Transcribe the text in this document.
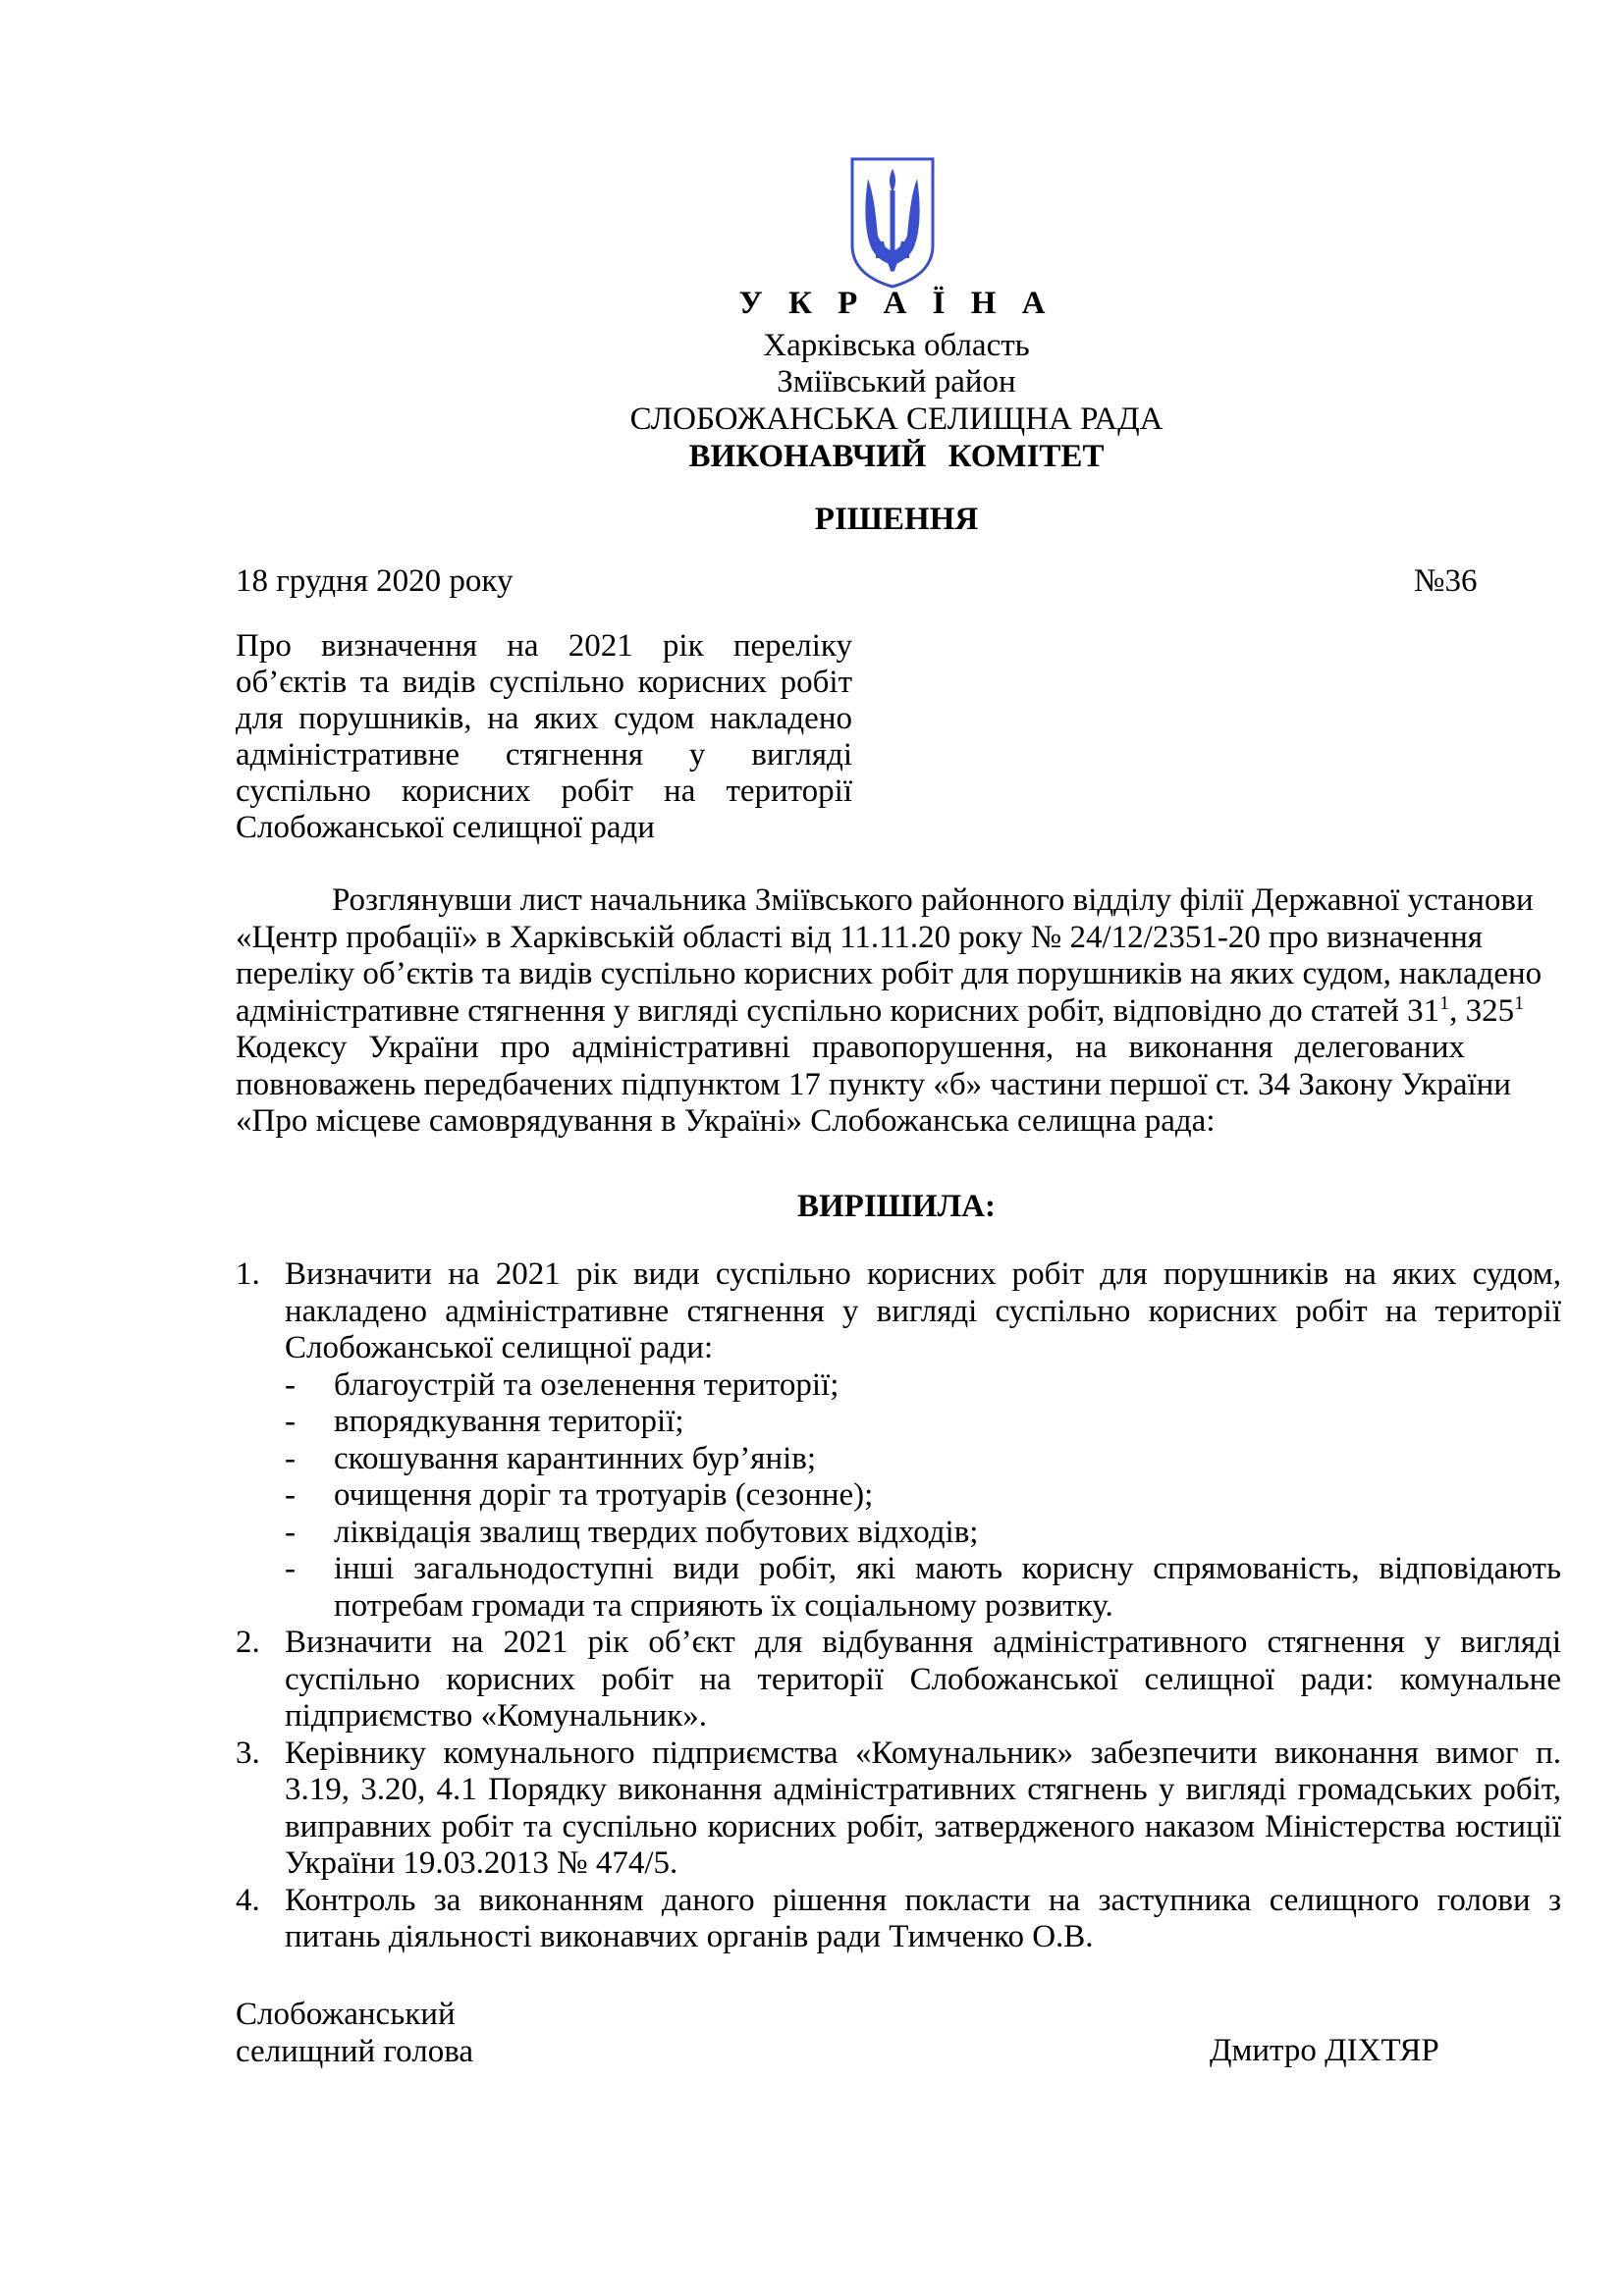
У К Р А Ї Н А
Харківська область
Зміївський район
СЛОБОЖАНСЬКА СЕЛИЩНА РАДА
ВИКОНАВЧИЙ КОМІТЕТ
РІШЕННЯ
18 грудня 2020 року	№36
Про визначення на 2021 рік переліку
об’єктів та видів суспільно корисних робіт
для порушників, на яких судом накладено
адміністративне стягнення у вигляді
суспільно корисних робіт на території
Слобожанської селищної ради
Розглянувши лист начальника Зміївського районного відділу філії Державної установи
«Центр пробації» в Харківській області від 11.11.20 року № 24/12/2351-20 про визначення
переліку об’єктів та видів суспільно корисних робіт для порушників на яких судом, накладено
адміністративне стягнення у вигляді суспільно корисних робіт, відповідно до статей $31^1$, $325^1$
Кодексу України про адміністративні правопорушення, на виконання делегованих
повноважень передбачених підпунктом 17 пункту «б» частини першої ст. 34 Закону України
«Про місцеве самоврядування в Україні» Слобожанська селищна рада:
ВИРІШИЛА:
1. Визначити на 2021 рік види суспільно корисних робіт для порушників на яких судом,
накладено адміністративне стягнення у вигляді суспільно корисних робіт на території
Слобожанської селищної ради:
- благоустрій та озеленення території;
- впорядкування території;
- скошування карантинних бур’янів;
- очищення доріг та тротуарів (сезонне);
- ліквідація звалищ твердих побутових відходів;
- інші загальнодоступні види робіт, які мають корисну спрямованість, відповідають
потребам громади та сприяють їх соціальному розвитку.
2. Визначити на 2021 рік об’єкт для відбування адміністративного стягнення у вигляді
суспільно корисних робіт на території Слобожанської селищної ради: комунальне
підприємство «Комунальник».
3. Керівнику комунального підприємства «Комунальник» забезпечити виконання вимог п.
3.19, 3.20, 4.1 Порядку виконання адміністративних стягнень у вигляді громадських робіт,
виправних робіт та суспільно корисних робіт, затвердженого наказом Міністерства юстиції
України 19.03.2013 № 474/5.
4. Контроль за виконанням даного рішення покласти на заступника селищного голови з
питань діяльності виконавчих органів ради Тимченко О.В.
Слобожанський
селищний голова	Дмитро ДІХТЯР
